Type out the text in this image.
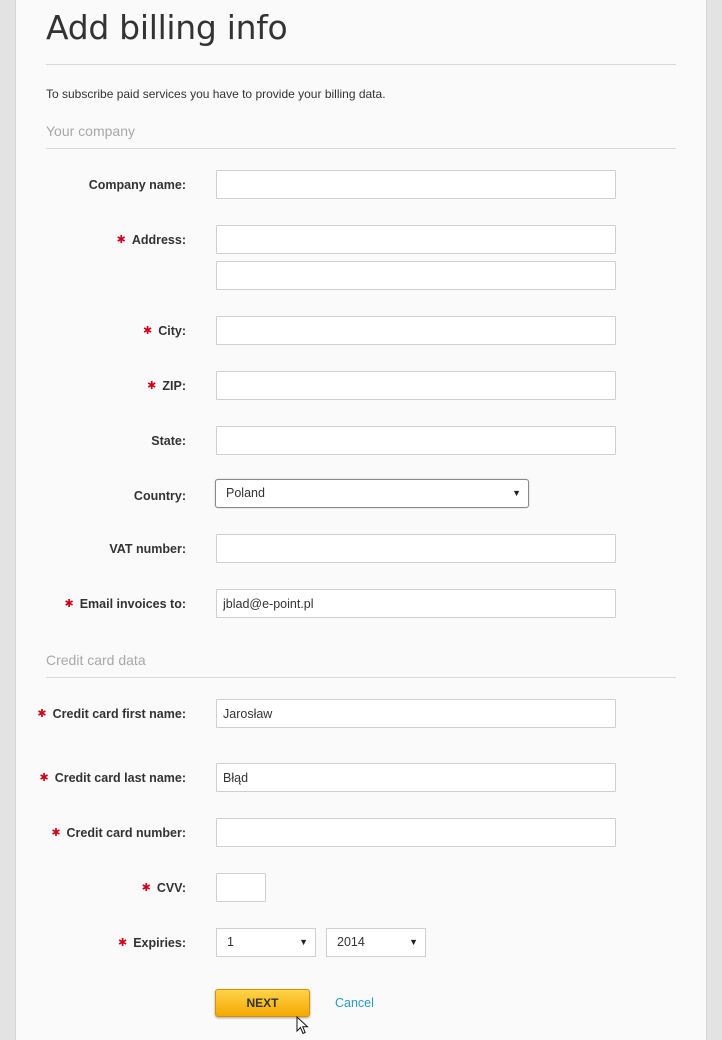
Add billing info
To subscribe paid services you have to provide your billing data.
Your company
Company name:
✱ Address:
✱ City:
✱ ZIP:
State:
Country:	Poland	▼
VAT number:
✱ Email invoices to:
jblad@e-point.pl
Credit card data
✱ Credit card first name:
Jarosław
✱ Credit card last name:
Błąd
✱ Credit card number:
✱ CVV:
✱ Expiries:	1	▼	2014	▼
NEXT	Cancel
